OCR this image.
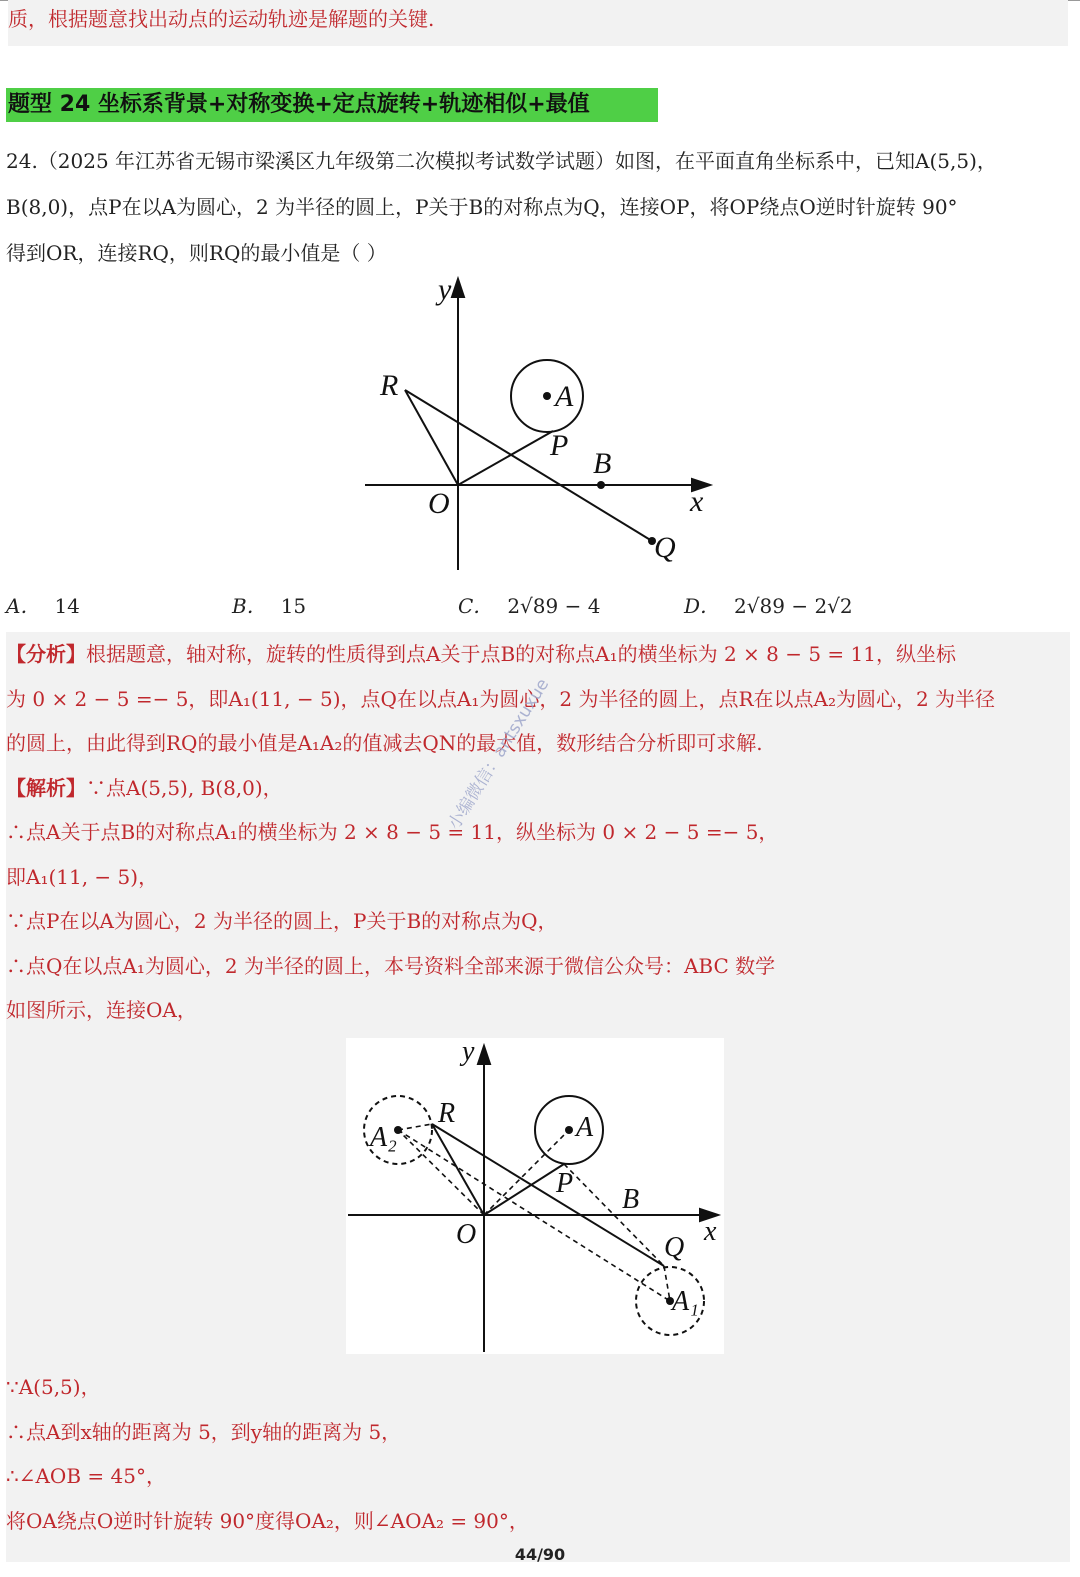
质，根据题意找出动点的运动轨迹是解题的关键.

题型 24 坐标系背景+对称变换+定点旋转+轨迹相似+最值

24.（2025 年江苏省无锡市梁溪区九年级第二次模拟考试数学试题）如图，在平面直角坐标系中，已知A(5,5)，

B(8,0)，点P在以A为圆心，2 为半径的圆上，P关于B的对称点为Q，连接OP，将OP绕点O逆时针旋转 90°

得到OR，连接RQ，则RQ的最小值是（ ）

y
x
O
A
P
B
R
Q
A． 14	B． 15	C． 2√89 − 4	D． 2√89 − 2√2

【分析】根据题意，轴对称，旋转的性质得到点A关于点B的对称点A₁的横坐标为 2 × 8 − 5 = 11，纵坐标

为 0 × 2 − 5 =− 5，即A₁(11, − 5)，点Q在以点A₁为圆心，2 为半径的圆上，点R在以点A₂为圆心，2 为半径

的圆上，由此得到RQ的最小值是A₁A₂的值减去QN的最大值，数形结合分析即可求解.

【解析】∵点A(5,5), B(8,0)，

∴点A关于点B的对称点A₁的横坐标为 2 × 8 − 5 = 11，纵坐标为 0 × 2 − 5 =− 5，

即A₁(11, − 5)，

∵点P在以A为圆心，2 为半径的圆上，P关于B的对称点为Q，

∴点Q在以点A₁为圆心，2 为半径的圆上，本号资料全部来源于微信公众号：ABC 数学

如图所示，连接OA，

y
x
O
A
P
B
R
Q
A₁
A₂

∵A(5,5)，

∴点A到x轴的距离为 5，到y轴的距离为 5，

∴∠AOB = 45°，

将OA绕点O逆时针旋转 90°度得OA₂，则∠AOA₂ = 90°，

小编微信：antsxuxue
44/90
